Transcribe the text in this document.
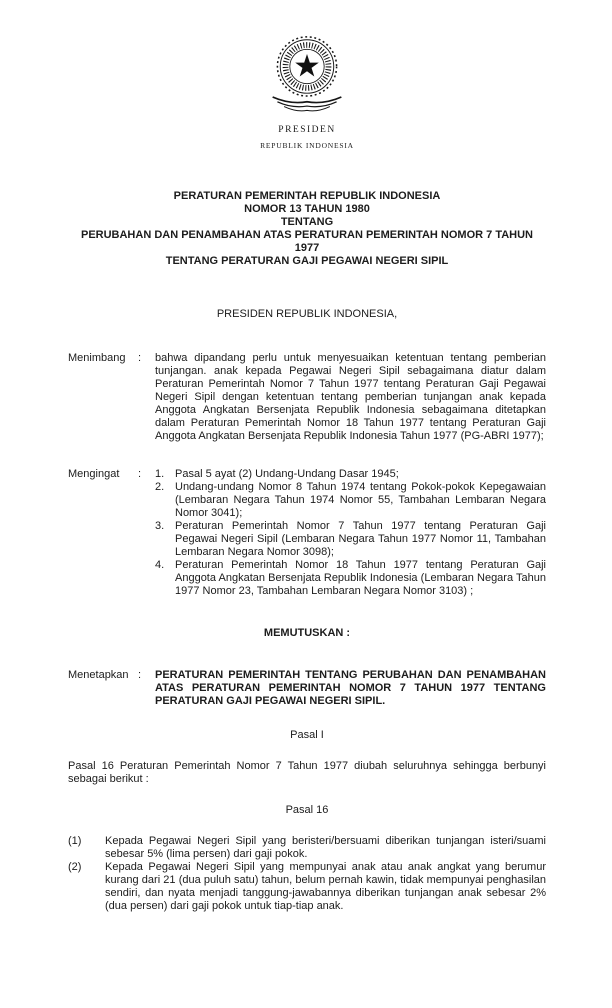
PRESIDEN
REPUBLIK INDONESIA
PERATURAN PEMERINTAH REPUBLIK INDONESIA
NOMOR 13 TAHUN 1980
TENTANG
PERUBAHAN DAN PENAMBAHAN ATAS PERATURAN PEMERINTAH NOMOR 7 TAHUN 1977
TENTANG PERATURAN GAJI PEGAWAI NEGERI SIPIL
PRESIDEN REPUBLIK INDONESIA,
Menimbang	:	bahwa dipandang perlu untuk menyesuaikan ketentuan tentang pemberian tunjangan. anak kepada Pegawai Negeri Sipil sebagaimana diatur dalam Peraturan Pemerintah Nomor 7 Tahun 1977 tentang Peraturan Gaji Pegawai Negeri Sipil dengan ketentuan tentang pemberian tunjangan anak kepada Anggota Angkatan Bersenjata Republik Indonesia sebagaimana ditetapkan dalam Peraturan Pemerintah Nomor 18 Tahun 1977 tentang Peraturan Gaji Anggota Angkatan Bersenjata Republik Indonesia Tahun 1977 (PG-ABRI 1977);
Mengingat	:	1. Pasal 5 ayat (2) Undang-Undang Dasar 1945;
2. Undang-undang Nomor 8 Tahun 1974 tentang Pokok-pokok Kepegawaian (Lembaran Negara Tahun 1974 Nomor 55, Tambahan Lembaran Negara Nomor 3041);
3. Peraturan Pemerintah Nomor 7 Tahun 1977 tentang Peraturan Gaji Pegawai Negeri Sipil (Lembaran Negara Tahun 1977 Nomor 11, Tambahan Lembaran Negara Nomor 3098);
4. Peraturan Pemerintah Nomor 18 Tahun 1977 tentang Peraturan Gaji Anggota Angkatan Bersenjata Republik Indonesia (Lembaran Negara Tahun 1977 Nomor 23, Tambahan Lembaran Negara Nomor 3103) ;
MEMUTUSKAN :
Menetapkan :	PERATURAN PEMERINTAH TENTANG PERUBAHAN DAN PENAMBAHAN ATAS PERATURAN PEMERINTAH NOMOR 7 TAHUN 1977 TENTANG PERATURAN GAJI PEGAWAI NEGERI SIPIL.
Pasal I
Pasal 16 Peraturan Pemerintah Nomor 7 Tahun 1977 diubah seluruhnya sehingga berbunyi sebagai berikut :
Pasal 16
(1)	Kepada Pegawai Negeri Sipil yang beristeri/bersuami diberikan tunjangan isteri/suami sebesar 5% (lima persen) dari gaji pokok.
(2)	Kepada Pegawai Negeri Sipil yang mempunyai anak atau anak angkat yang berumur kurang dari 21 (dua puluh satu) tahun, belum pernah kawin, tidak mempunyai penghasilan sendiri, dan nyata menjadi tanggung-jawabannya diberikan tunjangan anak sebesar 2% (dua persen) dari gaji pokok untuk tiap-tiap anak.
